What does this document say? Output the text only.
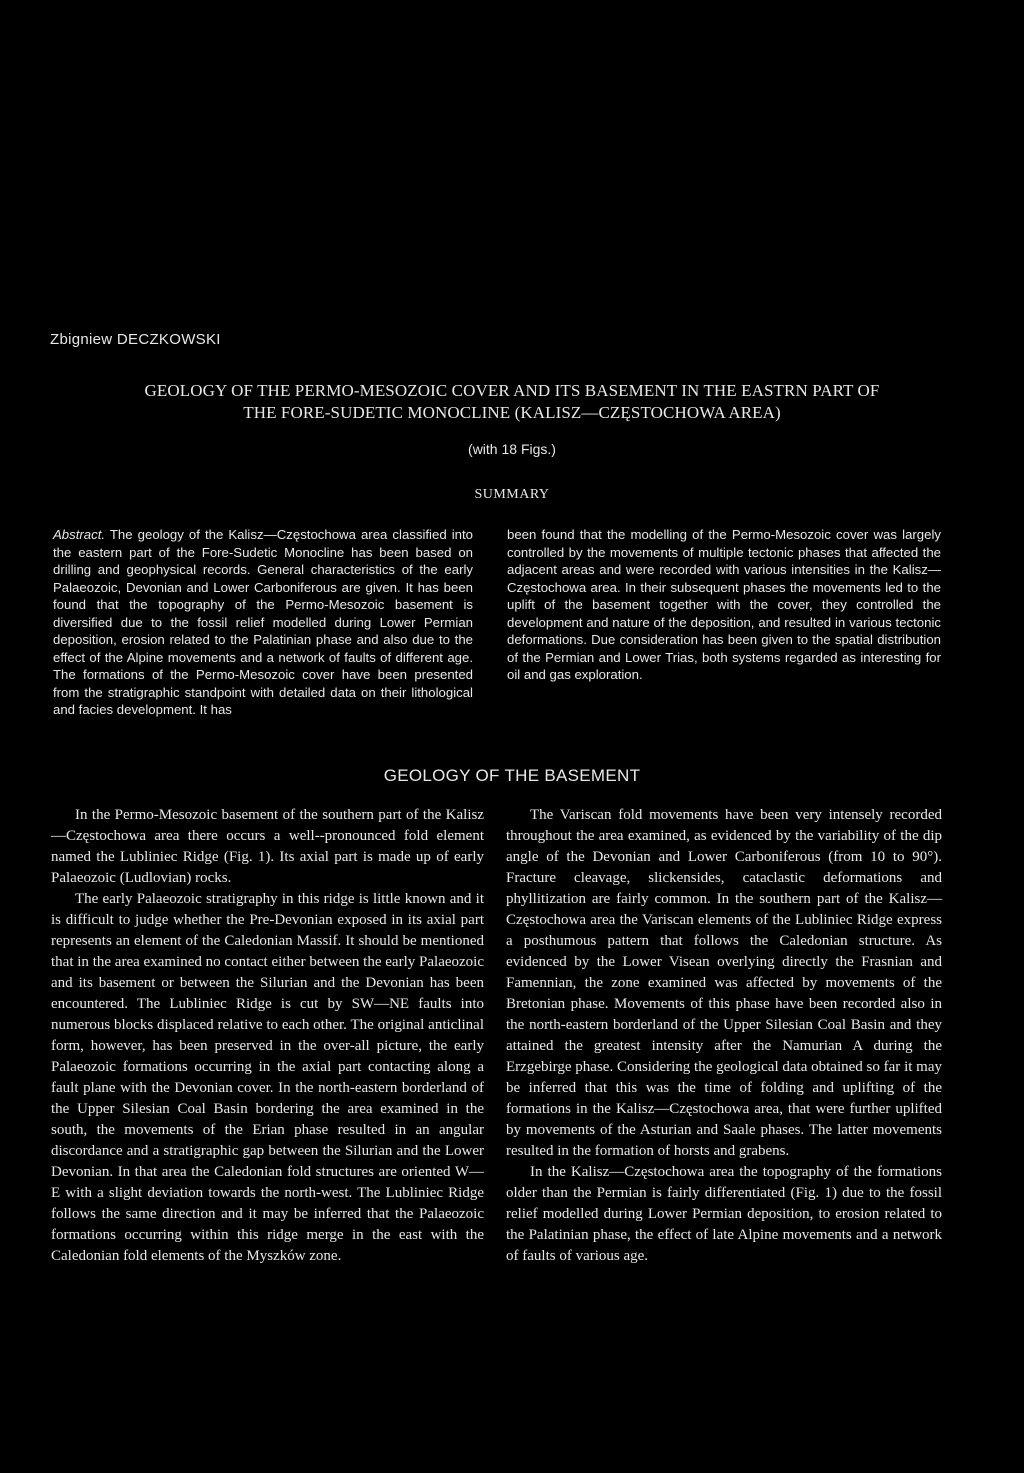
Zbigniew DECZKOWSKI
GEOLOGY OF THE PERMO-MESOZOIC COVER AND ITS BASEMENT IN THE EASTRN PART OF
THE FORE-SUDETIC MONOCLINE (KALISZ—CZĘSTOCHOWA AREA)
(with 18 Figs.)
SUMMARY
Abstract. The geology of the Kalisz—Częstochowa area classified into the eastern part of the Fore-Sudetic Monocline has been based on drilling and geophysical records. General characteristics of the early Palaeozoic, Devonian and Lower Carboniferous are given. It has been found that the topography of the Permo-Mesozoic basement is diversified due to the fossil relief modelled during Lower Permian deposition, erosion related to the Palatinian phase and also due to the effect of the Alpine movements and a network of faults of different age. The formations of the Permo-Mesozoic cover have been presented from the stratigraphic standpoint with detailed data on their lithological and facies development. It has
been found that the modelling of the Permo-Mesozoic cover was largely controlled by the movements of multiple tectonic phases that affected the adjacent areas and were recorded with various intensities in the Kalisz—Częstochowa area. In their subsequent phases the movements led to the uplift of the basement together with the cover, they controlled the development and nature of the deposition, and resulted in various tectonic deformations. Due consideration has been given to the spatial distribution of the Permian and Lower Trias, both systems regarded as interesting for oil and gas exploration.
GEOLOGY OF THE BASEMENT

In the Permo-Mesozoic basement of the southern part of the Kalisz—Częstochowa area there occurs a well--pronounced fold element named the Lubliniec Ridge (Fig. 1). Its axial part is made up of early Palaeozoic (Ludlovian) rocks.

The early Palaeozoic stratigraphy in this ridge is little known and it is difficult to judge whether the Pre-Devonian exposed in its axial part represents an element of the Caledonian Massif. It should be mentioned that in the area examined no contact either between the early Palaeozoic and its basement or between the Silurian and the Devonian has been encountered. The Lubliniec Ridge is cut by SW—NE faults into numerous blocks displaced relative to each other. The original anticlinal form, however, has been preserved in the over-all picture, the early Palaeozoic formations occurring in the axial part contacting along a fault plane with the Devonian cover. In the north-eastern borderland of the Upper Silesian Coal Basin bordering the area examined in the south, the movements of the Erian phase resulted in an angular discordance and a stratigraphic gap between the Silurian and the Lower Devonian. In that area the Caledonian fold structures are oriented W—E with a slight deviation towards the north-west. The Lubliniec Ridge follows the same direction and it may be inferred that the Palaeozoic formations occurring within this ridge merge in the east with the Caledonian fold elements of the Myszków zone.

The Variscan fold movements have been very intensely recorded throughout the area examined, as evidenced by the variability of the dip angle of the Devonian and Lower Carboniferous (from 10 to 90°). Fracture cleavage, slickensides, cataclastic deformations and phyllitization are fairly common. In the southern part of the Kalisz—Częstochowa area the Variscan elements of the Lubliniec Ridge express a posthumous pattern that follows the Caledonian structure. As evidenced by the Lower Visean overlying directly the Frasnian and Famennian, the zone examined was affected by movements of the Bretonian phase. Movements of this phase have been recorded also in the north-eastern borderland of the Upper Silesian Coal Basin and they attained the greatest intensity after the Namurian A during the Erzgebirge phase. Considering the geological data obtained so far it may be inferred that this was the time of folding and uplifting of the formations in the Kalisz—Częstochowa area, that were further uplifted by movements of the Asturian and Saale phases. The latter movements resulted in the formation of horsts and grabens.

In the Kalisz—Częstochowa area the topography of the formations older than the Permian is fairly differentiated (Fig. 1) due to the fossil relief modelled during Lower Permian deposition, to erosion related to the Palatinian phase, the effect of late Alpine movements and a network of faults of various age.
